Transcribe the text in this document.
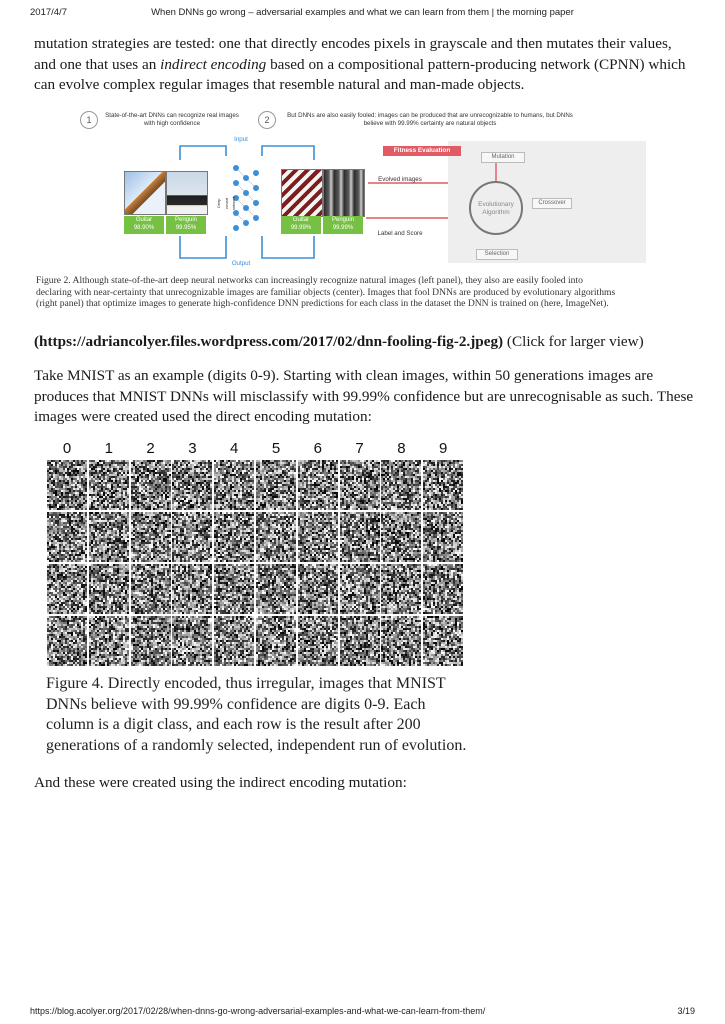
2017/4/7	When DNNs go wrong – adversarial examples and what we can learn from them | the morning paper

mutation strategies are tested: one that directly encodes pixels in grayscale and then mutates their values, and one that uses an indirect encoding based on a compositional pattern-producing network (CPNN) which can evolve complex regular images that resemble natural and man-made objects.

1	State-of-the-art DNNs can recognize real images with high confidence	2	But DNNs are also easily fooled: images can be produced that are unrecognizable to humans, but DNNs believe with 99.99% certainty are natural objects
Input
Output
Deep neural network
Guitar
98.90%
Penguin
99.95%
Guitar
99.99%
Penguin
99.99%
Fitness Evaluation
Mutation
Evolved images
Evolutionary Algorithm
Crossover
Label and Score
Selection
Figure 2. Although state-of-the-art deep neural networks can increasingly recognize natural images (left panel), they also are easily fooled into declaring with near-certainty that unrecognizable images are familiar objects (center). Images that fool DNNs are produced by evolutionary algorithms (right panel) that optimize images to generate high-confidence DNN predictions for each class in the dataset the DNN is trained on (here, ImageNet).

(https://adriancolyer.files.wordpress.com/2017/02/dnn-fooling-fig-2.jpeg) (Click for larger view)

Take MNIST as an example (digits 0-9). Starting with clean images, within 50 generations images are produces that MNIST DNNs will misclassify with 99.99% confidence but are unrecognisable as such. These images were created used the direct encoding mutation:

0	1	2	3	4	5	6	7	8	9
Figure 4. Directly encoded, thus irregular, images that MNIST DNNs believe with 99.99% confidence are digits 0-9. Each column is a digit class, and each row is the result after 200 generations of a randomly selected, independent run of evolution.

And these were created using the indirect encoding mutation:

https://blog.acolyer.org/2017/02/28/when-dnns-go-wrong-adversarial-examples-and-what-we-can-learn-from-them/	3/19
